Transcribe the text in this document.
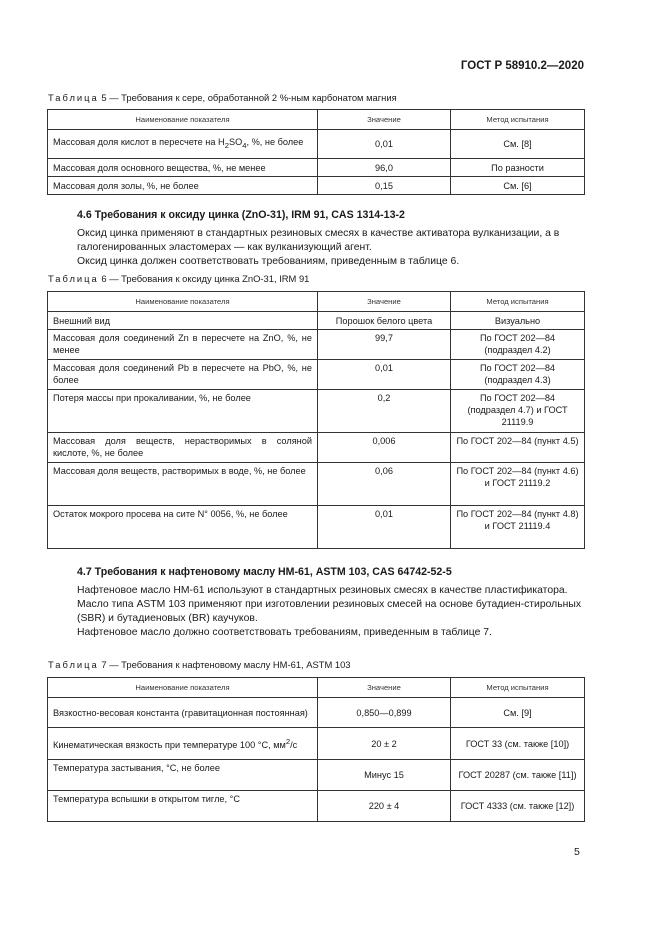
ГОСТ Р 58910.2—2020
Таблица 5 — Требования к сере, обработанной 2 %-ным карбонатом магния
Наименование показателя	Значение	Метод испытания
Массовая доля кислот в пересчете на $H_2SO_4$, %, не более	0,01	См. [8]
Массовая доля основного вещества, %, не менее	96,0	По разности
Массовая доля золы, %, не более	0,15	См. [6]
4.6 Требования к оксиду цинка (ZnO-31), IRM 91, CAS 1314-13-2
Оксид цинка применяют в стандартных резиновых смесях в качестве активатора вулканизации, а в галогенированных эластомерах — как вулканизующий агент.
Оксид цинка должен соответствовать требованиям, приведенным в таблице 6.
Таблица 6 — Требования к оксиду цинка ZnO-31, IRM 91
Наименование показателя	Значение	Метод испытания
Внешний вид	Порошок белого цвета	Визуально
Массовая доля соединений Zn в пересчете на ZnO, %, не менее	99,7	По ГОСТ 202—84 (подраздел 4.2)
Массовая доля соединений Pb в пересчете на PbO, %, не более	0,01	По ГОСТ 202—84 (подраздел 4.3)
Потеря массы при прокаливании, %, не более	0,2	По ГОСТ 202—84 (подраздел 4.7) и ГОСТ 21119.9
Массовая доля веществ, нерастворимых в соляной кислоте, %, не более	0,006	По ГОСТ 202—84 (пункт 4.5)
Массовая доля веществ, растворимых в воде, %, не более	0,06	По ГОСТ 202—84 (пункт 4.6) и ГОСТ 21119.2
Остаток мокрого просева на сите N° 0056, %, не более	0,01	По ГОСТ 202—84 (пункт 4.8) и ГОСТ 21119.4
4.7 Требования к нафтеновому маслу НМ-61, ASTM 103, CAS 64742-52-5
Нафтеновое масло НМ-61 используют в стандартных резиновых смесях в качестве пластификатора.
Масло типа ASTM 103 применяют при изготовлении резиновых смесей на основе бутадиен-стирольных (SBR) и бутадиеновых (BR) каучуков.
Нафтеновое масло должно соответствовать требованиям, приведенным в таблице 7.
Таблица 7 — Требования к нафтеновому маслу НМ-61, ASTM 103
Наименование показателя	Значение	Метод испытания
Вязкостно-весовая константа (гравитационная постоянная)	0,850—0,899	См. [9]
Кинематическая вязкость при температуре 100 °С, $мм^2/с$	20 ± 2	ГОСТ 33 (см. также [10])
Температура застывания, °С, не более	Минус 15	ГОСТ 20287 (см. также [11])
Температура вспышки в открытом тигле, °С	220 ± 4	ГОСТ 4333 (см. также [12])
5
